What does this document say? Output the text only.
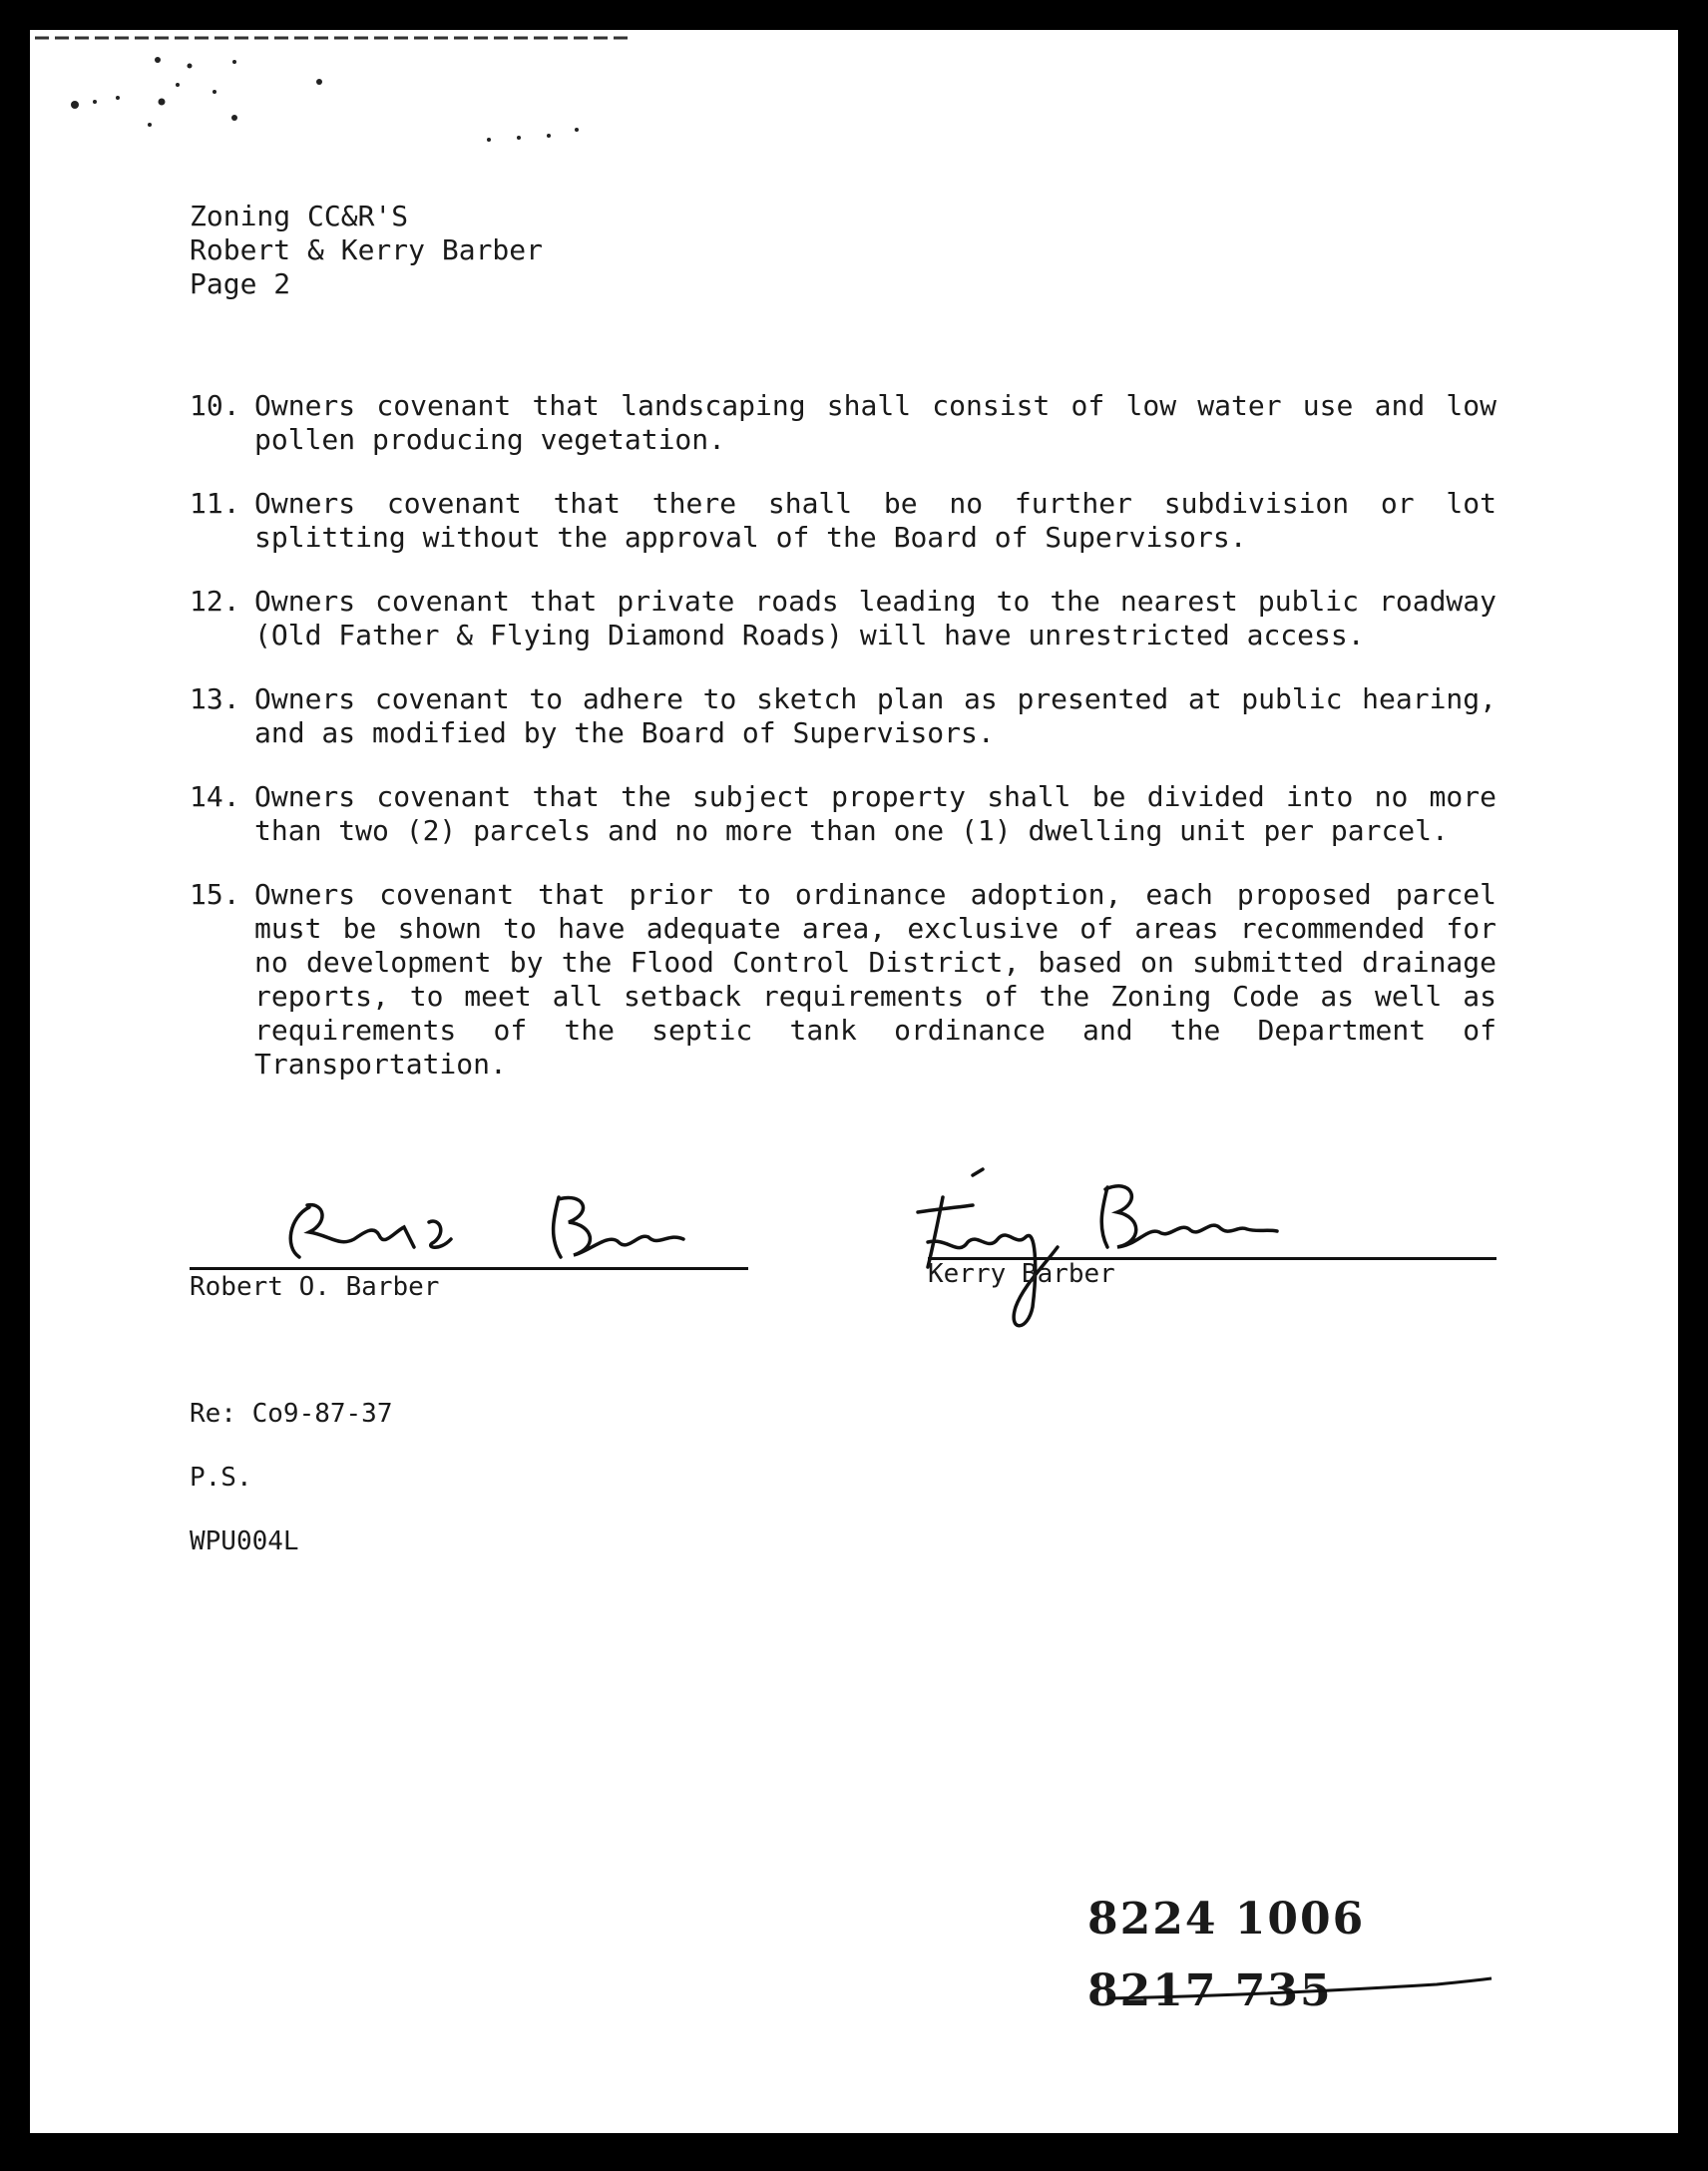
Zoning CC&R'S
Robert & Kerry Barber
Page 2
10. Owners covenant that landscaping shall consist of low water use and low pollen producing vegetation.
11. Owners covenant that there shall be no further subdivision or lot splitting without the approval of the Board of Supervisors.
12. Owners covenant that private roads leading to the nearest public roadway (Old Father & Flying Diamond Roads) will have unrestricted access.
13. Owners covenant to adhere to sketch plan as presented at public hearing, and as modified by the Board of Supervisors.
14. Owners covenant that the subject property shall be divided into no more than two (2) parcels and no more than one (1) dwelling unit per parcel.
15. Owners covenant that prior to ordinance adoption, each proposed parcel must be shown to have adequate area, exclusive of areas recommended for no development by the Flood Control District, based on submitted drainage reports, to meet all setback requirements of the Zoning Code as well as requirements of the septic tank ordinance and the Department of Transportation.
Robert O. Barber	Kerry Barber
Re: Co9-87-37
P.S.
WPU004L
8224 1006
8217 735
